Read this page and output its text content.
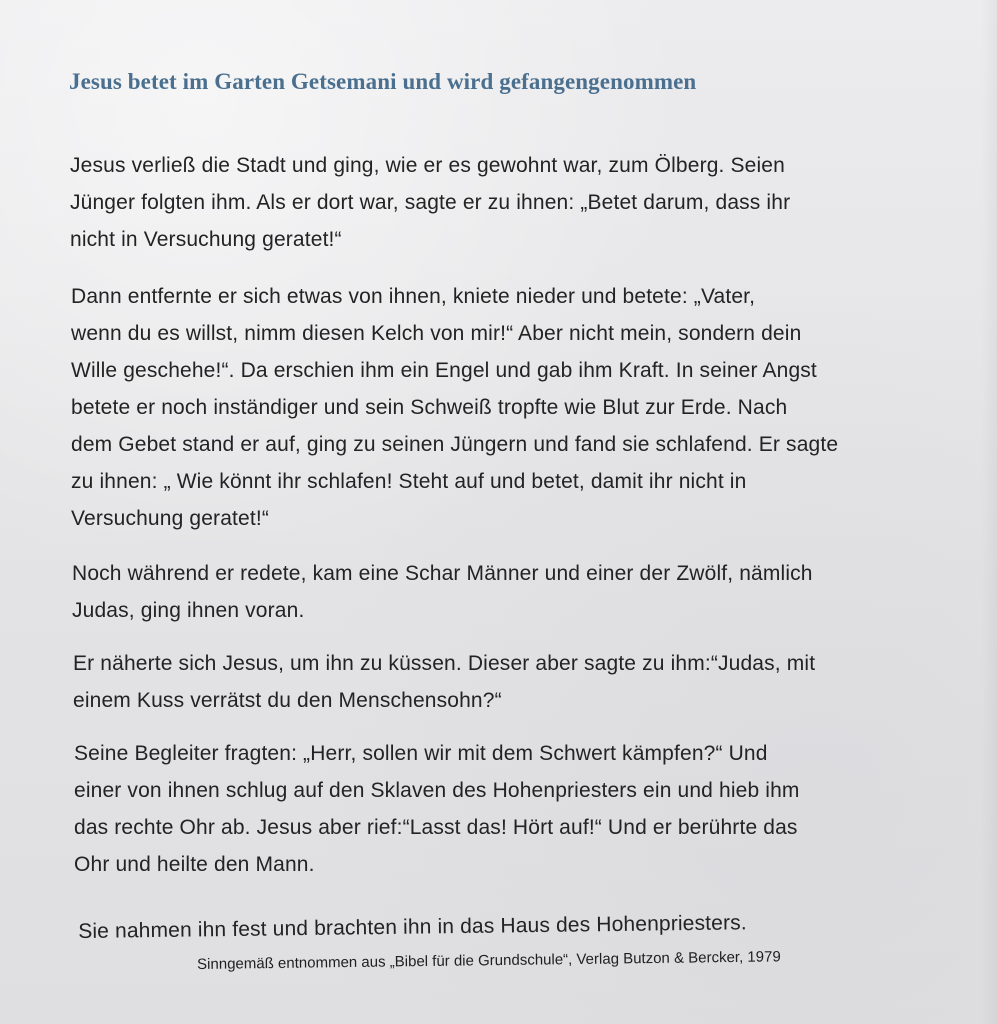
Jesus betet im Garten Getsemani und wird gefangengenommen

Jesus verließ die Stadt und ging, wie er es gewohnt war, zum Ölberg. Seien
Jünger folgten ihm. Als er dort war, sagte er zu ihnen: „Betet darum, dass ihr
nicht in Versuchung geratet!“

Dann entfernte er sich etwas von ihnen, kniete nieder und betete: „Vater,
wenn du es willst, nimm diesen Kelch von mir!“ Aber nicht mein, sondern dein
Wille geschehe!“. Da erschien ihm ein Engel und gab ihm Kraft. In seiner Angst
betete er noch inständiger und sein Schweiß tropfte wie Blut zur Erde. Nach
dem Gebet stand er auf, ging zu seinen Jüngern und fand sie schlafend. Er sagte
zu ihnen: „ Wie könnt ihr schlafen! Steht auf und betet, damit ihr nicht in
Versuchung geratet!“

Noch während er redete, kam eine Schar Männer und einer der Zwölf, nämlich
Judas, ging ihnen voran.

Er näherte sich Jesus, um ihn zu küssen. Dieser aber sagte zu ihm:“Judas, mit
einem Kuss verrätst du den Menschensohn?“

Seine Begleiter fragten: „Herr, sollen wir mit dem Schwert kämpfen?“ Und
einer von ihnen schlug auf den Sklaven des Hohenpriesters ein und hieb ihm
das rechte Ohr ab. Jesus aber rief:“Lasst das! Hört auf!“ Und er berührte das
Ohr und heilte den Mann.

Sie nahmen ihn fest und brachten ihn in das Haus des Hohenpriesters.

Sinngemäß entnommen aus „Bibel für die Grundschule“, Verlag Butzon & Bercker, 1979
